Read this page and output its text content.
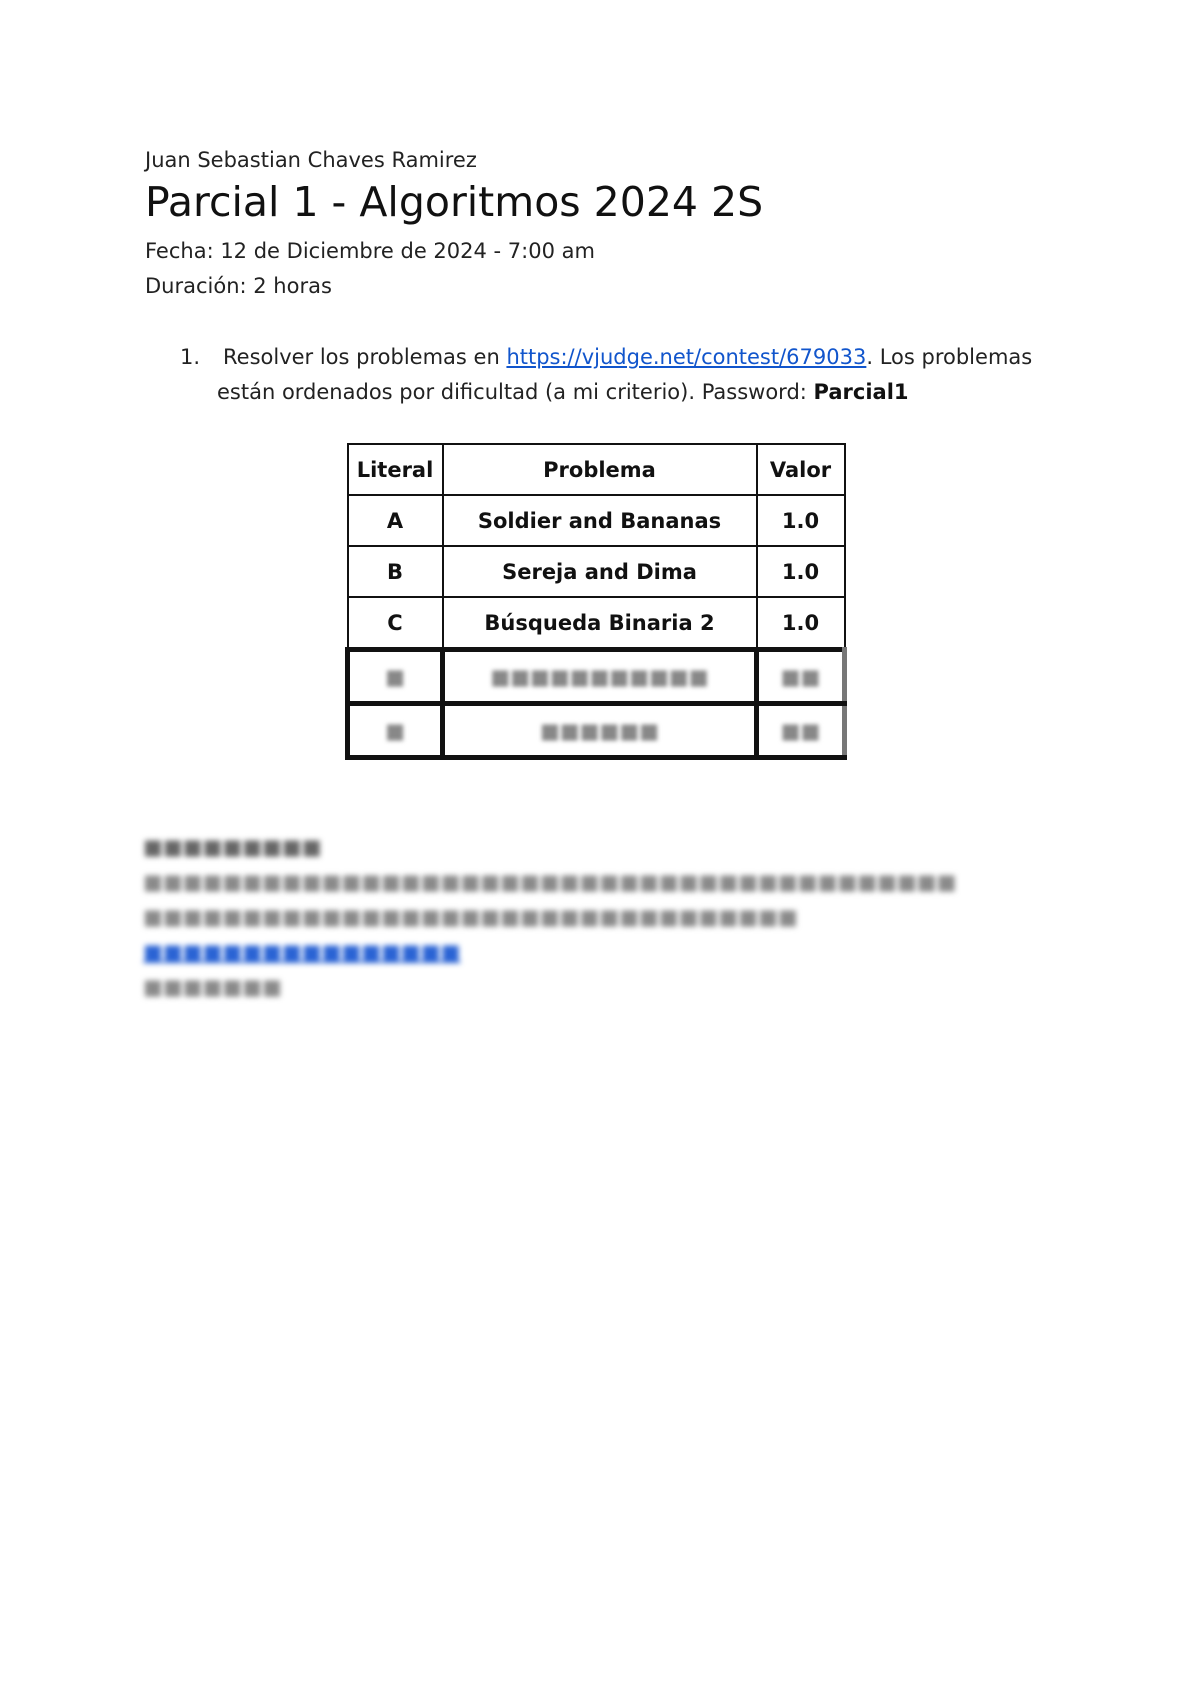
Juan Sebastian Chaves Ramirez
Parcial 1 - Algoritmos 2024 2S
Fecha: 12 de Diciembre de 2024 - 7:00 am
Duración: 2 horas
1. Resolver los problemas en https://vjudge.net/contest/679033. Los problemas están ordenados por dificultad (a mi criterio). Password: Parcial1
Literal	Problema	Valor
A	Soldier and Bananas	1.0
B	Sereja and Dima	1.0
C	Búsqueda Binaria 2	1.0
■	■■■■■■■■■■■	■■
■	■■■■■■	■■
■■■■■■■■■ ■■■■■■■■■■■■■■■■■■■■■■■■■■■■■■■■■■■■■■■■■
■■■■■■■■■■■■■■■■■■■■■■■■■■■■■■■■■
■■■■■■■■■■■■■■■■
■■■■■■■
